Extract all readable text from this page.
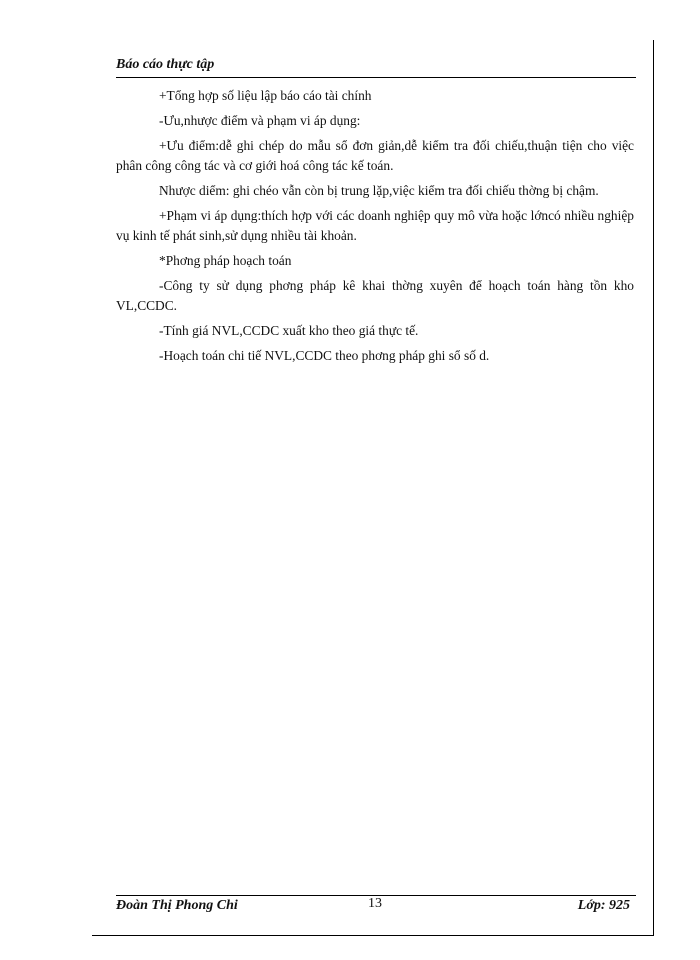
Báo cáo thực tập

+Tổng hợp số liệu lập báo cáo tài chính

-Ưu,nhược điểm và phạm vi áp dụng:

+Ưu điểm:dễ ghi chép do mẫu sổ đơn giản,dễ kiểm tra đối chiếu,thuận tiện cho việc phân công công tác và cơ giới hoá công tác kế toán.

Nhược diểm: ghi chéo vẫn còn bị trung lặp,việc kiểm tra đối chiếu thờng bị chậm.

+Phạm vi áp dụng:thích hợp với các doanh nghiệp quy mô vừa hoặc lớncó nhiều nghiệp vụ kinh tế phát sinh,sử dụng nhiều tài khoản.

*Phơng pháp hoạch toán

-Công ty sử dụng phơng pháp kê khai thờng xuyên để hoạch toán hàng tồn kho VL,CCDC.

-Tính giá NVL,CCDC xuất kho theo giá thực tế.

-Hoạch toán chi tiế NVL,CCDC theo phơng pháp ghi sổ số d.

Đoàn Thị Phong Chi	13	Lớp: 925
